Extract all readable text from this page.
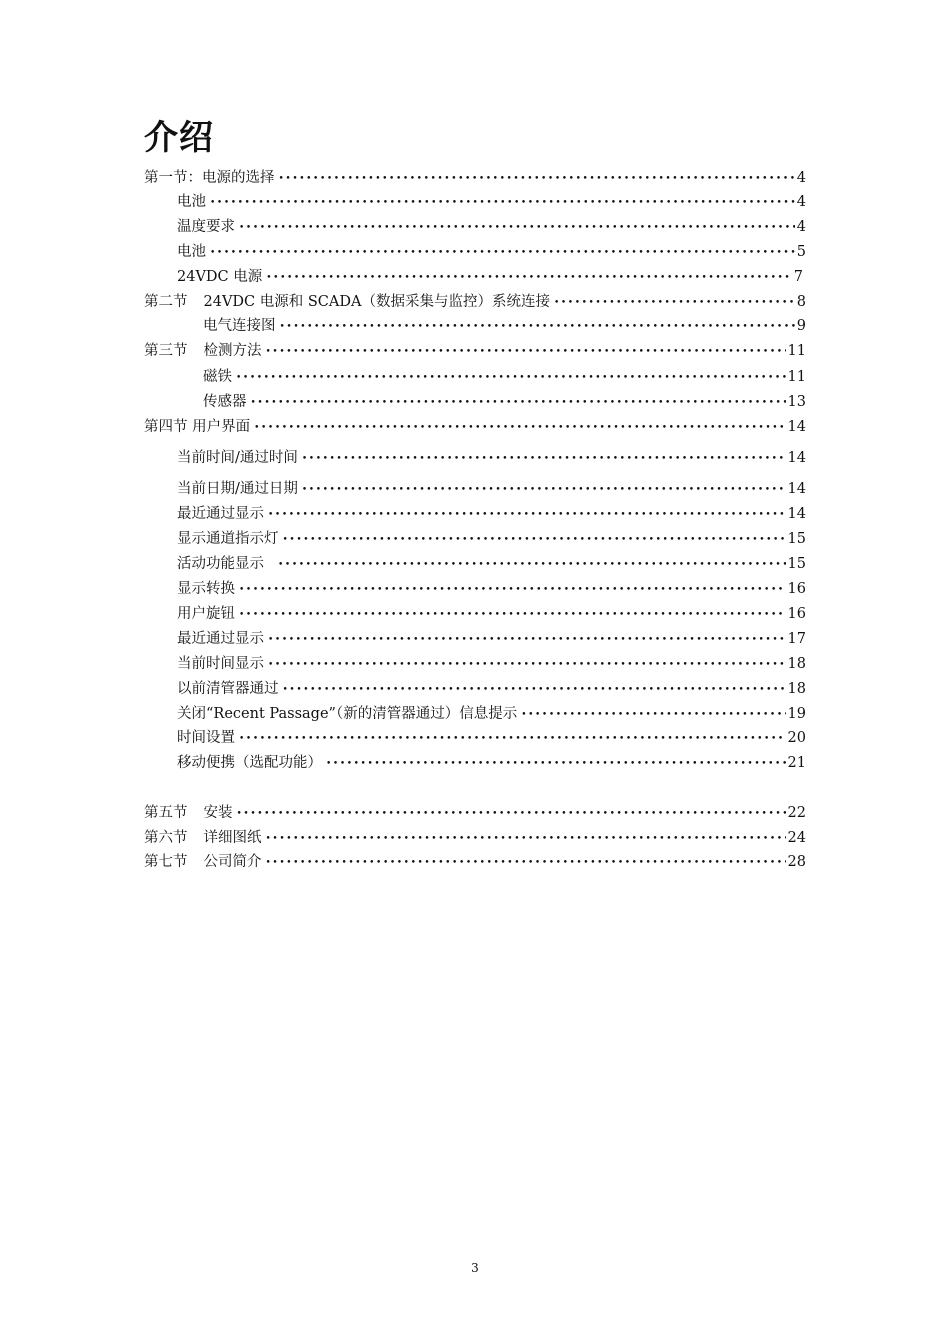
介绍
第一节：电源的选择 •••••	4
电池 •••••	4
温度要求 •••••	4
电池 •••••	5
24VDC 电源 •••••	7
第二节 24VDC 电源和 SCADA（数据采集与监控）系统连接 •••••	8
电气连接图 •••••	9
第三节 检测方法 •••••	11
磁铁 •••••	11
传感器 •••••	13
第四节 用户界面 •••••	14
当前时间/通过时间 •••••	14
当前日期/通过日期 •••••	14
最近通过显示 •••••	14
显示通道指示灯 •••••	15
活动功能显示 •••••	15
显示转换 •••••	16
用户旋钮 •••••	16
最近通过显示 •••••	17
当前时间显示 •••••	18
以前清管器通过 •••••	18
关闭“Recent Passage”（新的清管器通过）信息提示 •••••	19
时间设置 •••••	20
移动便携（选配功能） •••••	21
第五节 安装 •••••	22
第六节 详细图纸 •••••	24
第七节 公司简介 •••••	28
3
